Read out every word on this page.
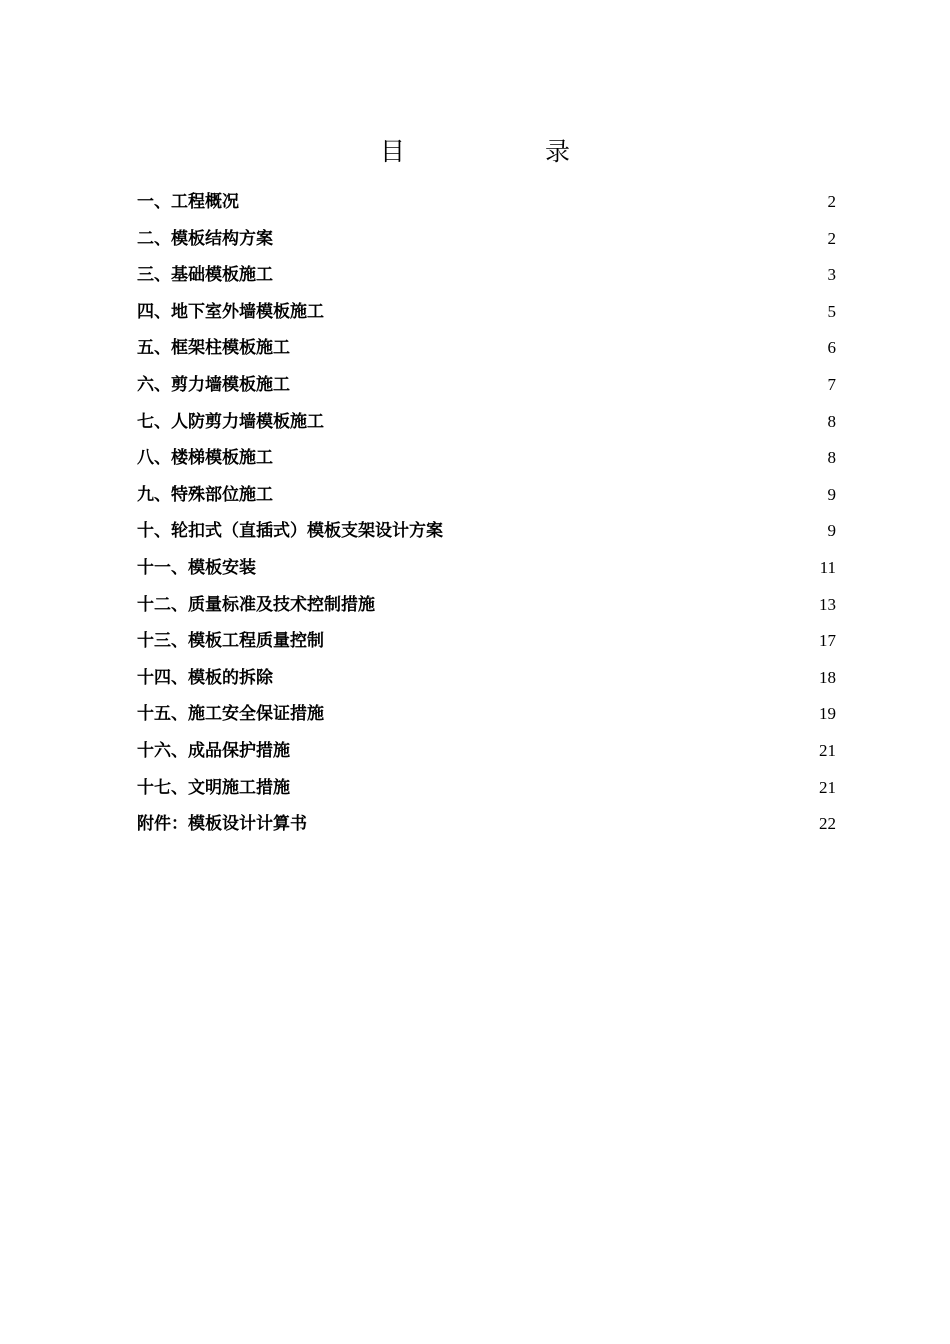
目	录
一、工程概况 .....	2
二、模板结构方案 .....	2
三、基础模板施工 .....	3
四、地下室外墙模板施工 .....	5
五、框架柱模板施工 .....	6
六、剪力墙模板施工 .....	7
七、人防剪力墙模板施工 .....	8
八、楼梯模板施工 .....	8
九、特殊部位施工 .....	9
十、轮扣式（直插式）模板支架设计方案 .....	9
十一、模板安装 .....	11
十二、质量标准及技术控制措施 .....	13
十三、模板工程质量控制 .....	17
十四、模板的拆除 .....	18
十五、施工安全保证措施 .....	19
十六、成品保护措施 .....	21
十七、文明施工措施 .....	21
附件：模板设计计算书 .....	22
